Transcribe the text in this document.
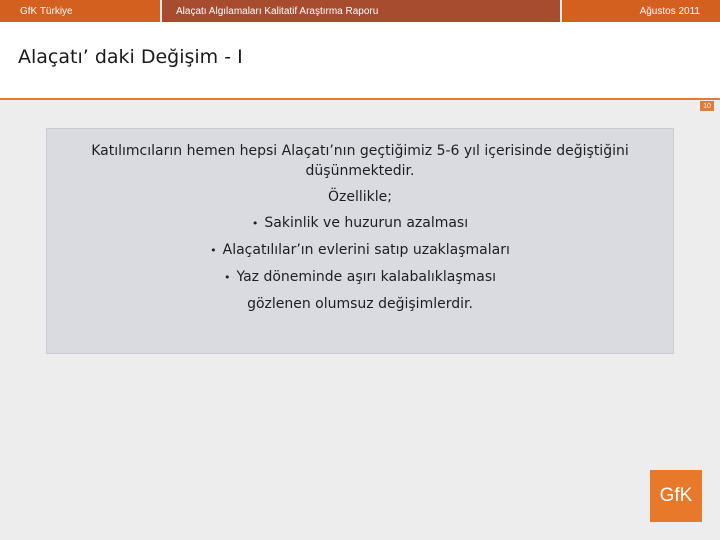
GfK Türkiye	Alaçatı Algılamaları Kalitatif Araştırma Raporu	Ağustos 2011
Alaçatı’ daki Değişim - I
10

Katılımcıların hemen hepsi Alaçatı’nın geçtiğimiz 5-6 yıl içerisinde değiştiğini düşünmektedir.

Özellikle;

• Sakinlik ve huzurun azalması
• Alaçatılılar’ın evlerini satıp uzaklaşmaları
• Yaz döneminde aşırı kalabalıklaşması

gözlenen olumsuz değişimlerdir.

GfK
